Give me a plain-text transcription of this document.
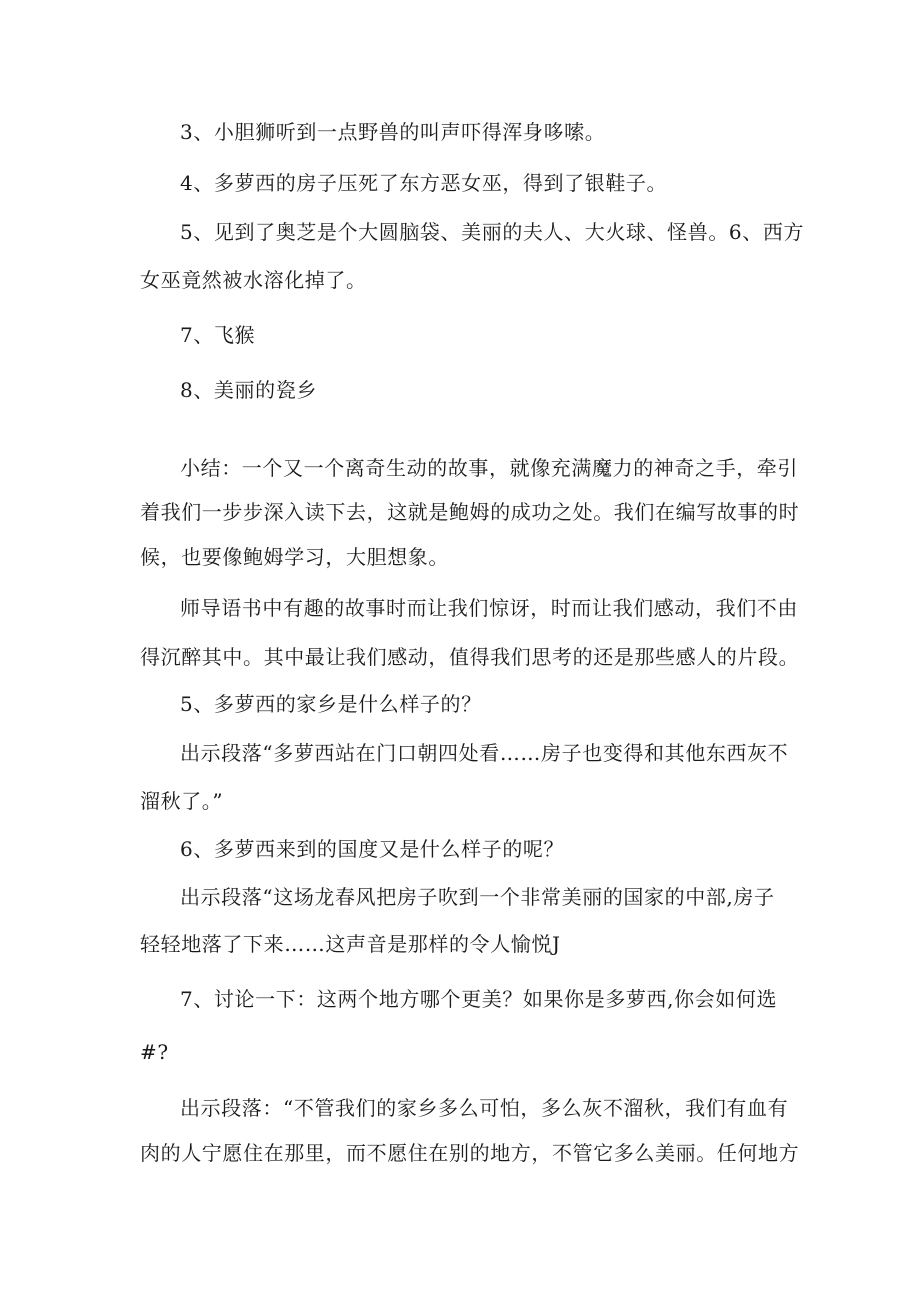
3、小胆狮听到一点野兽的叫声吓得浑身哆嗦。

4、多萝西的房子压死了东方恶女巫，得到了银鞋子。

5、见到了奥芝是个大圆脑袋、美丽的夫人、大火球、怪兽。6、西方

女巫竟然被水溶化掉了。

7、飞猴

8、美丽的瓷乡

小结：一个又一个离奇生动的故事，就像充满魔力的神奇之手，牵引

着我们一步步深入读下去，这就是鲍姆的成功之处。我们在编写故事的时

候，也要像鲍姆学习，大胆想象。

师导语书中有趣的故事时而让我们惊讶，时而让我们感动，我们不由

得沉醉其中。其中最让我们感动，值得我们思考的还是那些感人的片段。

5、多萝西的家乡是什么样子的？

出示段落“多萝西站在门口朝四处看……房子也变得和其他东西灰不

溜秋了。”

6、多萝西来到的国度又是什么样子的呢？

出示段落“这场龙春风把房子吹到一个非常美丽的国家的中部,房子

轻轻地落了下来……这声音是那样的令人愉悦J

7、讨论一下：这两个地方哪个更美？如果你是多萝西,你会如何选

#?

出示段落：“不管我们的家乡多么可怕，多么灰不溜秋，我们有血有

肉的人宁愿住在那里，而不愿住在别的地方，不管它多么美丽。任何地方
